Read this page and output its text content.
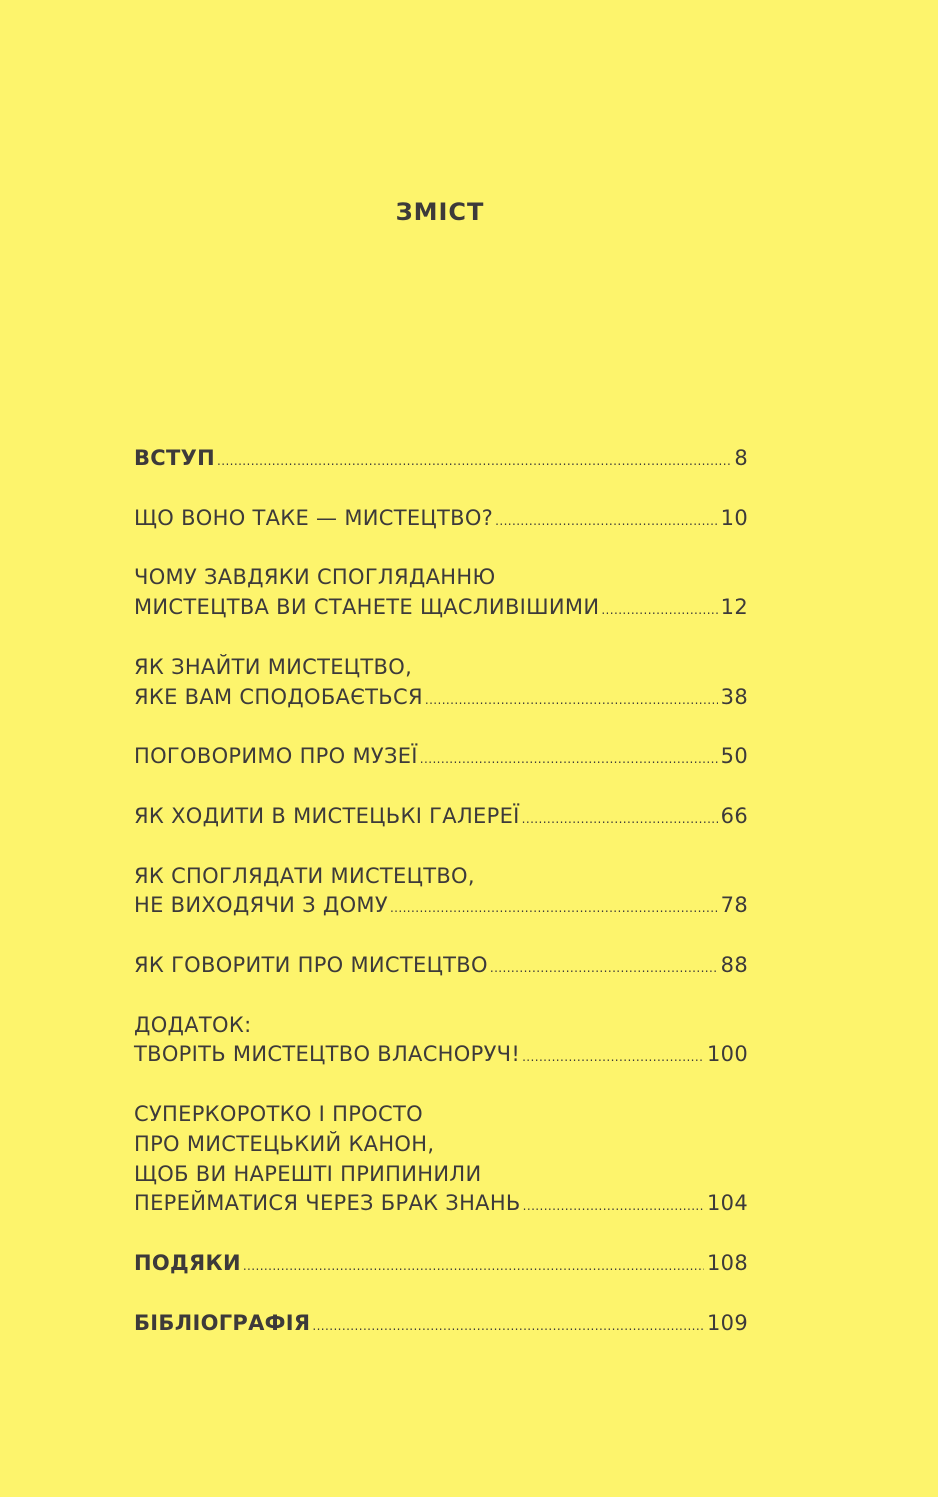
ЗМІСТ
ВСТУП .....	8
ЩО ВОНО ТАКЕ — МИСТЕЦТВО? .....	10
ЧОМУ ЗАВДЯКИ СПОГЛЯДАННЮ
МИСТЕЦТВА ВИ СТАНЕТЕ ЩАСЛИВІШИМИ .....	12
ЯК ЗНАЙТИ МИСТЕЦТВО,
ЯКЕ ВАМ СПОДОБАЄТЬСЯ .....	38
ПОГОВОРИМО ПРО МУЗЕЇ .....	50
ЯК ХОДИТИ В МИСТЕЦЬКІ ГАЛЕРЕЇ .....	66
ЯК СПОГЛЯДАТИ МИСТЕЦТВО,
НЕ ВИХОДЯЧИ З ДОМУ .....	78
ЯК ГОВОРИТИ ПРО МИСТЕЦТВО .....	88
ДОДАТОК:
ТВОРІТЬ МИСТЕЦТВО ВЛАСНОРУЧ! .....	100
СУПЕРКОРОТКО І ПРОСТО
ПРО МИСТЕЦЬКИЙ КАНОН,
ЩОБ ВИ НАРЕШТІ ПРИПИНИЛИ
ПЕРЕЙМАТИСЯ ЧЕРЕЗ БРАК ЗНАНЬ .....	104
ПОДЯКИ .....	108
БІБЛІОГРАФІЯ .....	109
